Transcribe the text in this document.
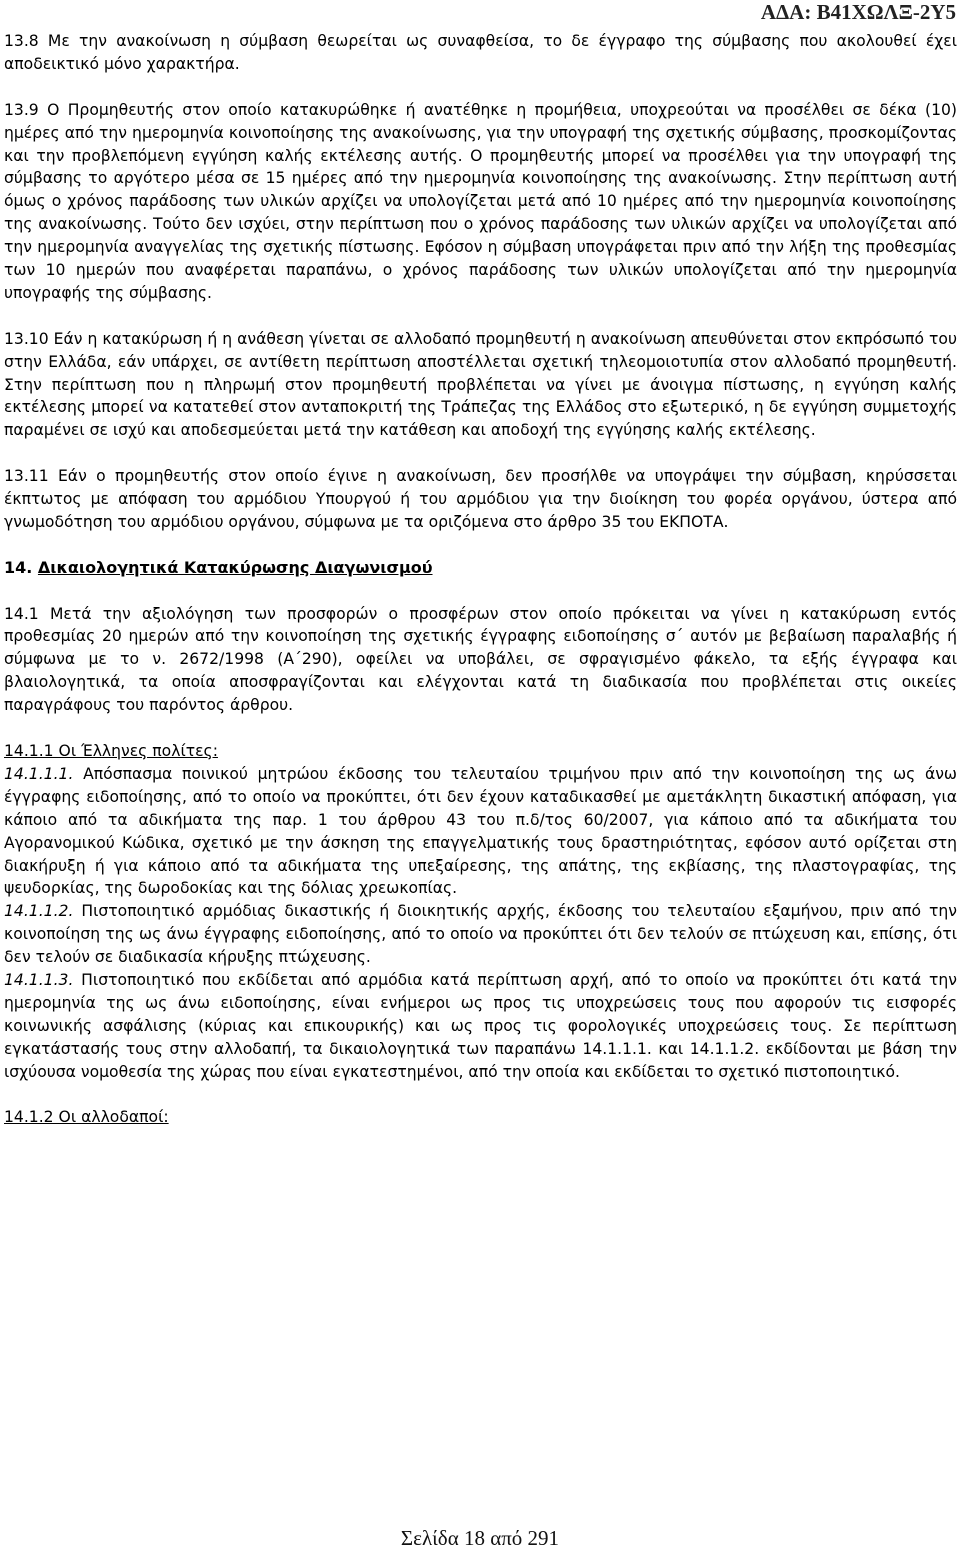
ΑΔΑ: Β41ΧΩΛΞ-2Υ5

13.8 Με την ανακοίνωση η σύμβαση θεωρείται ως συναφθείσα, το δε έγγραφο της σύμβασης που ακολουθεί έχει αποδεικτικό μόνο χαρακτήρα.

13.9 Ο Προμηθευτής στον οποίο κατακυρώθηκε ή ανατέθηκε η προμήθεια, υποχρεούται να προσέλθει σε δέκα (10) ημέρες από την ημερομηνία κοινοποίησης της ανακοίνωσης, για την υπογραφή της σχετικής σύμβασης, προσκομίζοντας και την προβλεπόμενη εγγύηση καλής εκτέλεσης αυτής. Ο προμηθευτής μπορεί να προσέλθει για την υπογραφή της σύμβασης το αργότερο μέσα σε 15 ημέρες από την ημερομηνία κοινοποίησης της ανακοίνωσης. Στην περίπτωση αυτή όμως ο χρόνος παράδοσης των υλικών αρχίζει να υπολογίζεται μετά από 10 ημέρες από την ημερομηνία κοινοποίησης της ανακοίνωσης. Τούτο δεν ισχύει, στην περίπτωση που ο χρόνος παράδοσης των υλικών αρχίζει να υπολογίζεται από την ημερομηνία αναγγελίας της σχετικής πίστωσης. Εφόσον η σύμβαση υπογράφεται πριν από την λήξη της προθεσμίας των 10 ημερών που αναφέρεται παραπάνω, ο χρόνος παράδοσης των υλικών υπολογίζεται από την ημερομηνία υπογραφής της σύμβασης.

13.10 Εάν η κατακύρωση ή η ανάθεση γίνεται σε αλλοδαπό προμηθευτή η ανακοίνωση απευθύνεται στον εκπρόσωπό του στην Ελλάδα, εάν υπάρχει, σε αντίθετη περίπτωση αποστέλλεται σχετική τηλεομοιοτυπία στον αλλοδαπό προμηθευτή. Στην περίπτωση που η πληρωμή στον προμηθευτή προβλέπεται να γίνει με άνοιγμα πίστωσης, η εγγύηση καλής εκτέλεσης μπορεί να κατατεθεί στον ανταποκριτή της Τράπεζας της Ελλάδος στο εξωτερικό, η δε εγγύηση συμμετοχής παραμένει σε ισχύ και αποδεσμεύεται μετά την κατάθεση και αποδοχή της εγγύησης καλής εκτέλεσης.

13.11 Εάν ο προμηθευτής στον οποίο έγινε η ανακοίνωση, δεν προσήλθε να υπογράψει την σύμβαση, κηρύσσεται έκπτωτος με απόφαση του αρμόδιου Υπουργού ή του αρμόδιου για την διοίκηση του φορέα οργάνου, ύστερα από γνωμοδότηση του αρμόδιου οργάνου, σύμφωνα με τα οριζόμενα στο άρθρο 35 του ΕΚΠΟΤΑ.

14. Δικαιολογητικά Κατακύρωσης Διαγωνισμού

14.1 Μετά την αξιολόγηση των προσφορών ο προσφέρων στον οποίο πρόκειται να γίνει η κατακύρωση εντός προθεσμίας 20 ημερών από την κοινοποίηση της σχετικής έγγραφης ειδοποίησης σ΄ αυτόν με βεβαίωση παραλαβής ή σύμφωνα με το ν. 2672/1998 (Α΄290), οφείλει να υποβάλει, σε σφραγισμένο φάκελο, τα εξής έγγραφα και βλαιολογητικά, τα οποία αποσφραγίζονται και ελέγχονται κατά τη διαδικασία που προβλέπεται στις οικείες παραγράφους του παρόντος άρθρου.

14.1.1 Οι Έλληνες πολίτες:

14.1.1.1. Απόσπασμα ποινικού μητρώου έκδοσης του τελευταίου τριμήνου πριν από την κοινοποίηση της ως άνω έγγραφης ειδοποίησης, από το οποίο να προκύπτει, ότι δεν έχουν καταδικασθεί με αμετάκλητη δικαστική απόφαση, για κάποιο από τα αδικήματα της παρ. 1 του άρθρου 43 του π.δ/τος 60/2007, για κάποιο από τα αδικήματα του Αγορανομικού Κώδικα, σχετικό με την άσκηση της επαγγελματικής τους δραστηριότητας, εφόσον αυτό ορίζεται στη διακήρυξη ή για κάποιο από τα αδικήματα της υπεξαίρεσης, της απάτης, της εκβίασης, της πλαστογραφίας, της ψευδορκίας, της δωροδοκίας και της δόλιας χρεωκοπίας.

14.1.1.2. Πιστοποιητικό αρμόδιας δικαστικής ή διοικητικής αρχής, έκδοσης του τελευταίου εξαμήνου, πριν από την κοινοποίηση της ως άνω έγγραφης ειδοποίησης, από το οποίο να προκύπτει ότι δεν τελούν σε πτώχευση και, επίσης, ότι δεν τελούν σε διαδικασία κήρυξης πτώχευσης.

14.1.1.3. Πιστοποιητικό που εκδίδεται από αρμόδια κατά περίπτωση αρχή, από το οποίο να προκύπτει ότι κατά την ημερομηνία της ως άνω ειδοποίησης, είναι ενήμεροι ως προς τις υποχρεώσεις τους που αφορούν τις εισφορές κοινωνικής ασφάλισης (κύριας και επικουρικής) και ως προς τις φορολογικές υποχρεώσεις τους. Σε περίπτωση εγκατάστασής τους στην αλλοδαπή, τα δικαιολογητικά των παραπάνω 14.1.1.1. και 14.1.1.2. εκδίδονται με βάση την ισχύουσα νομοθεσία της χώρας που είναι εγκατεστημένοι, από την οποία και εκδίδεται το σχετικό πιστοποιητικό.

14.1.2 Οι αλλοδαποί:

Σελίδα 18 από 291
